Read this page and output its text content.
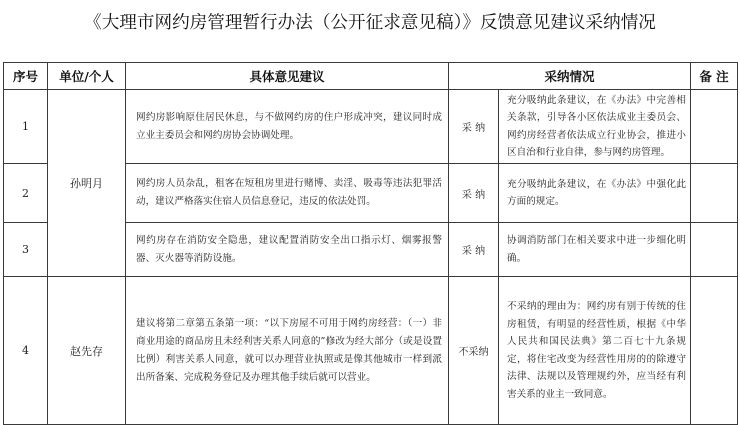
《大理市网约房管理暂行办法（公开征求意见稿）》反馈意见建议采纳情况
序号	单位/个人	具体意见建议	采纳情况		备 注
1	孙明月	网约房影响原住居民休息，与不做网约房的住户形成冲突，建议同时成立业主委员会和网约房协会协调处理。	采 纳	充分吸纳此条建议，在《办法》中完善相关条款，引导各小区依法成业主委员会、网约房经营者依法成立行业协会，推进小区自治和行业自律，参与网约房管理。	
2		网约房人员杂乱，租客在短租房里进行赌博、卖淫、吸毒等违法犯罪活动，建议严格落实住宿人员信息登记，违反的依法处罚。	采 纳	充分吸纳此条建议，在《办法》中强化此方面的规定。	
3		网约房存在消防安全隐患，建议配置消防安全出口指示灯、烟雾报警器、灭火器等消防设施。	采 纳	协调消防部门在相关要求中进一步细化明确。	
4	赵先存	建议将第二章第五条第一项：“以下房屋不可用于网约房经营：（一）非商业用途的商品房且未经利害关系人同意的”修改为经大部分（或是设置比例）利害关系人同意，就可以办理营业执照或是像其他城市一样到派出所备案、完成税务登记及办理其他手续后就可以营业。	不采纳	不采纳的理由为：网约房有别于传统的住房租赁，有明显的经营性质，根据《中华人民共和国民法典》第二百七十九条规定，将住宅改变为经营性用房的的除遵守法律、法规以及管理规约外，应当经有利害关系的业主一致同意。	
